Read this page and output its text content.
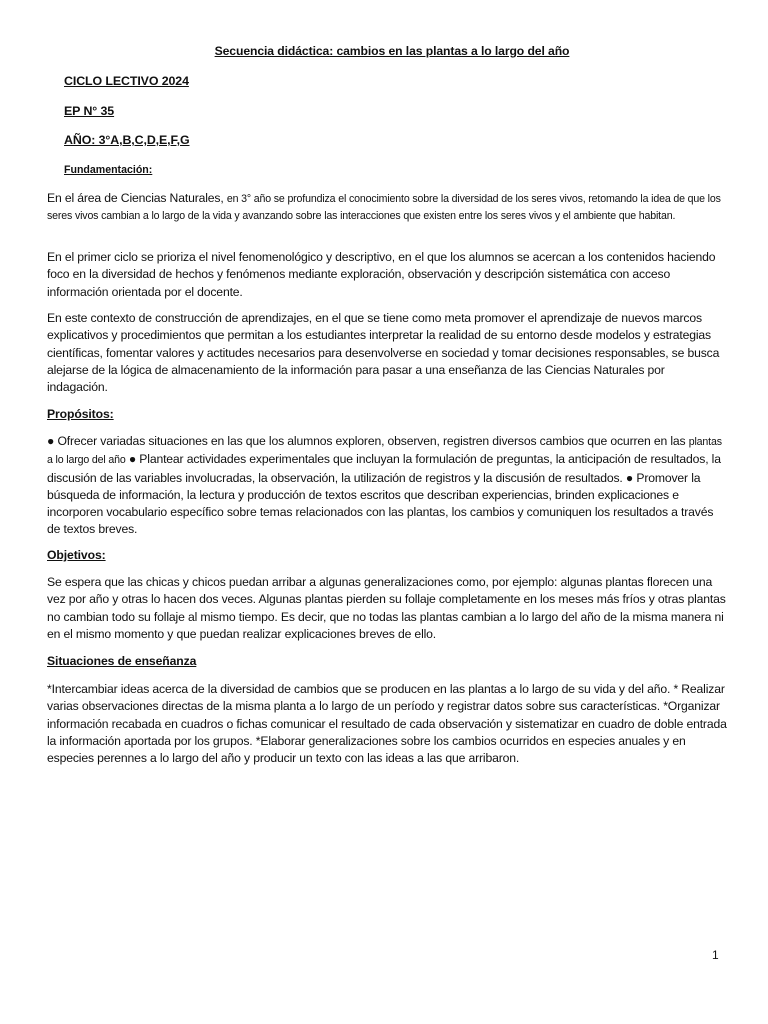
Secuencia didáctica: cambios en las plantas a lo largo del año
CICLO LECTIVO 2024
EP N° 35
AÑO: 3°A,B,C,D,E,F,G
Fundamentación:
En el área de Ciencias Naturales, en 3° año se profundiza el conocimiento sobre la diversidad de los seres vivos, retomando la idea de que los seres vivos cambian a lo largo de la vida y avanzando sobre las interacciones que existen entre los seres vivos y el ambiente que habitan.
En el primer ciclo se prioriza el nivel fenomenológico y descriptivo, en el que los alumnos se acercan a los contenidos haciendo foco en la diversidad de hechos y fenómenos mediante exploración, observación y descripción sistemática con acceso información orientada por el docente.
En este contexto de construcción de aprendizajes, en el que se tiene como meta promover el aprendizaje de nuevos marcos explicativos y procedimientos que permitan a los estudiantes interpretar la realidad de su entorno desde modelos y estrategias científicas, fomentar valores y actitudes necesarios para desenvolverse en sociedad y tomar decisiones responsables, se busca alejarse de la lógica de almacenamiento de la información para pasar a una enseñanza de las Ciencias Naturales por indagación.
Propósitos:
● Ofrecer variadas situaciones en las que los alumnos exploren, observen, registren diversos cambios que ocurren en las plantas a lo largo del año ● Plantear actividades experimentales que incluyan la formulación de preguntas, la anticipación de resultados, la discusión de las variables involucradas, la observación, la utilización de registros y la discusión de resultados. ● Promover la búsqueda de información, la lectura y producción de textos escritos que describan experiencias, brinden explicaciones e incorporen vocabulario específico sobre temas relacionados con las plantas, los cambios y comuniquen los resultados a través de textos breves.
Objetivos:
Se espera que las chicas y chicos puedan arribar a algunas generalizaciones como, por ejemplo: algunas plantas florecen una vez por año y otras lo hacen dos veces. Algunas plantas pierden su follaje completamente en los meses más fríos y otras plantas no cambian todo su follaje al mismo tiempo. Es decir, que no todas las plantas cambian a lo largo del año de la misma manera ni en el mismo momento y que puedan realizar explicaciones breves de ello.
Situaciones de enseñanza
*Intercambiar ideas acerca de la diversidad de cambios que se producen en las plantas a lo largo de su vida y del año. * Realizar varias observaciones directas de la misma planta a lo largo de un período y registrar datos sobre sus características. *Organizar información recabada en cuadros o fichas comunicar el resultado de cada observación y sistematizar en cuadro de doble entrada la información aportada por los grupos. *Elaborar generalizaciones sobre los cambios ocurridos en especies anuales y en especies perennes a lo largo del año y producir un texto con las ideas a las que arribaron.
1
